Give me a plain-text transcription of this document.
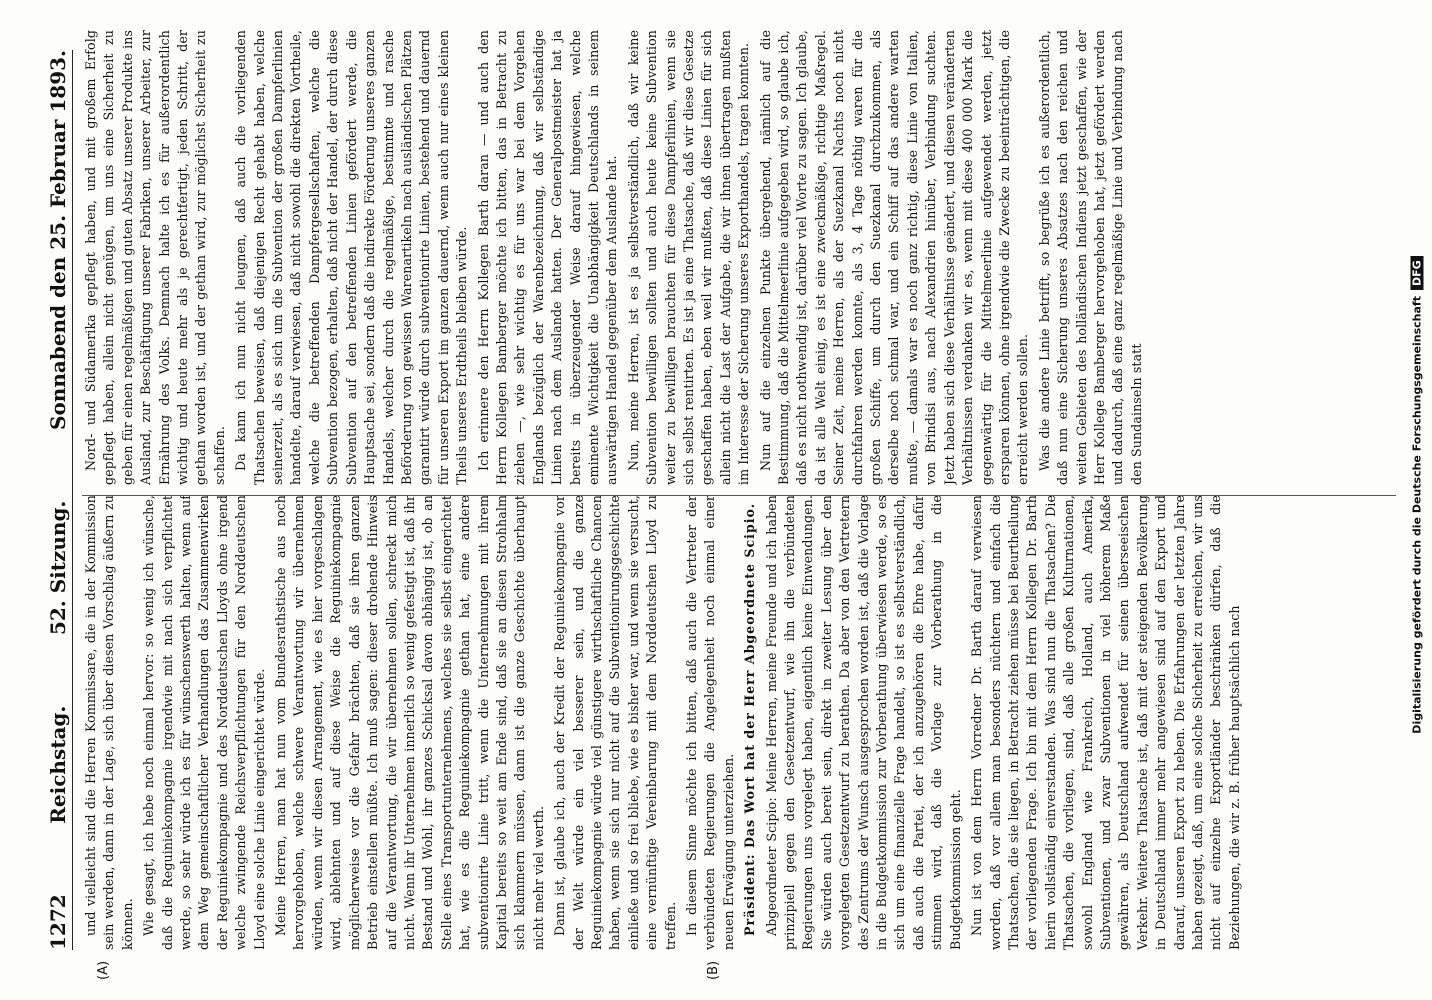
1272
Reichstag.
52. Sitzung.
Sonnabend den 25. Februar 1893.

und vielleicht sind die Herren Kommissare, die in der Kommission sein werden, dann in der Lage, sich über diesen Vorschlag äußern zu können. Wie gesagt, ich hebe noch einmal hervor: so wenig ich wünsche, daß die Reguiniekompagnie irgendwie mit nach sich verpflichtet werde, so sehr würde ich es für wünschenswerth halten, wenn auf dem Weg gemeinschaftlicher Verhandlungen das Zusammenwirken der Reguiniekompagnie und des Norddeutschen Lloyds ohne irgend welche zwingende Reichsverpflichtungen für den Norddeutschen Lloyd eine solche Linie eingerichtet würde. Meine Herren, man hat nun vom Bundesrathstische aus noch hervorgehoben, welche schwere Verantwortung wir übernehmen würden, wenn wir diesen Arrangement, wie es hier vorgeschlagen wird, ablehnten und auf diese Weise die Reguiniekompagnie möglicherweise vor die Gefahr brächten, daß sie ihren ganzen Betrieb einstellen müßte. Ich muß sagen: dieser drohende Hinweis auf die Verantwortung, die wir übernehmen sollen, schreckt mich nicht. Wenn ihr Unternehmen innerlich so wenig gefestigt ist, daß ihr Bestand und Wohl, ihr ganzes Schicksal davon abhängig ist, ob an Stelle eines Transportunternehmens, welches sie selbst eingerichtet hat, wie es die Reguiniekompagnie gethan hat, eine andere subventionirte Linie tritt, wenn die Unternehmungen mit ihrem Kapital bereits so weit am Ende sind, daß sie an diesen Strohhalm sich klammern müssen, dann ist die ganze Geschichte überhaupt nicht mehr viel werth. Dann ist, glaube ich, auch der Kredit der Reguiniekompagnie vor der Welt würde ein viel besserer sein, und die ganze Reguiniekompagnie würde viel günstigere wirthschaftliche Chancen haben, wenn sie sich nur nicht auf die Subventionirungsgeschichte einließe und so frei bliebe, wie es bisher war, und wenn sie versucht, eine vernünftige Vereinbarung mit dem Norddeutschen Lloyd zu treffen. In diesem Sinne möchte ich bitten, daß auch die Vertreter der verbündeten Regierungen die Angelegenheit noch einmal einer neuen Erwägung unterziehen. Präsident: Das Wort hat der Herr Abgeordnete Scipio. Abgeordneter Scipio: Meine Herren, meine Freunde und ich haben prinzipiell gegen den Gesetzentwurf, wie ihn die verbündeten Regierungen uns vorgelegt haben, eigentlich keine Einwendungen. Sie würden auch bereit sein, direkt in zweiter Lesung über den vorgelegten Gesetzentwurf zu berathen. Da aber von den Vertretern des Zentrums der Wunsch ausgesprochen worden ist, daß die Vorlage in die Budgetkommission zur Vorberathung überwiesen werde, so es sich um eine finanzielle Frage handelt, so ist es selbstverständlich, daß auch die Partei, der ich anzugehören die Ehre habe, dafür stimmen wird, daß die Vorlage zur Vorberathung in die Budgetkommission geht. Nun ist von dem Herrn Vorredner Dr. Barth darauf verwiesen worden, daß vor allem man besonders nüchtern und einfach die Thatsachen, die sie liegen, in Betracht ziehen müsse bei Beurtheilung der vorliegenden Frage. Ich bin mit dem Herrn Kollegen Dr. Barth hierin vollständig einverstanden. Was sind nun die Thatsachen? Die Thatsachen, die vorliegen, sind, daß alle großen Kulturnationen, sowohl England wie Frankreich, Holland, auch Amerika, Subventionen, und zwar Subventionen in viel höherem Maße gewähren, als Deutschland aufwendet für seinen überseeischen Verkehr. Weitere Thatsache ist, daß mit der steigenden Bevölkerung in Deutschland immer mehr angewiesen sind auf den Export und darauf, unseren Export zu heben. Die Erfahrungen der letzten Jahre haben gezeigt, daß, um eine solche Sicherheit zu erreichen, wir uns nicht auf einzelne Exportländer beschränken dürfen, daß die Beziehungen, die wir z. B. früher hauptsächlich nach

Nord- und Südamerika gepflegt haben, und mit großem Erfolg gepflegt haben, allein nicht genügen, um uns eine Sicherheit zu geben für einen regelmäßigen und guten Absatz unserer Produkte ins Ausland, zur Beschäftigung unserer Fabriken, unserer Arbeiter, zur Ernährung des Volks. Demnach halte ich es für außerordentlich wichtig und heute mehr als je gerechtfertigt, jeden Schritt, der gethan worden ist, und der gethan wird, zur möglichst Sicherheit zu schaffen. Da kann ich nun nicht leugnen, daß auch die vorliegenden Thatsachen beweisen, daß diejenigen Recht gehabt haben, welche seinerzeit, als es sich um die Subvention der großen Dampferlinien handelte, darauf verwiesen, daß nicht sowohl die direkten Vortheile, welche die betreffenden Dampfergesellschaften, welche die Subvention bezogen, erhalten, daß nicht der Handel, der durch diese Subvention auf den betreffenden Linien gefördert werde, die Hauptsache sei, sondern daß die indirekte Förderung unseres ganzen Handels, welcher durch die regelmäßige, bestimmte und rasche Beförderung von gewissen Warenartikeln nach ausländischen Plätzen garantirt würde durch subventionirte Linien, bestehend und dauernd für unseren Export im ganzen dauernd, wenn auch nur eines kleinen Theils unseres Erdtheils bleiben würde. Ich erinnere den Herrn Kollegen Barth daran — und auch den Herrn Kollegen Bamberger möchte ich bitten, das in Betracht zu ziehen —, wie sehr wichtig es für uns war bei dem Vorgehen Englands bezüglich der Warenbezeichnung, daß wir selbständige Linien nach dem Auslande hatten. Der Generalpostmeister hat ja bereits in überzeugender Weise darauf hingewiesen, welche eminente Wichtigkeit die Unabhängigkeit Deutschlands in seinem auswärtigen Handel gegenüber dem Auslande hat. Nun, meine Herren, ist es ja selbstverständlich, daß wir keine Subvention bewilligen sollten und auch heute keine Subvention weiter zu bewilligen brauchten für diese Dampferlinien, wenn sie sich selbst rentirten. Es ist ja eine Thatsache, daß wir diese Gesetze geschaffen haben, eben weil wir mußten, daß diese Linien für sich allein nicht die Last der Aufgabe, die wir ihnen übertragen mußten im Interesse der Sicherung unseres Exporthandels, tragen konnten. Nun auf die einzelnen Punkte übergehend, nämlich auf die Bestimmung, daß die Mittelmeerlinie aufgegeben wird, so glaube ich, daß es nicht nothwendig ist, darüber viel Worte zu sagen. Ich glaube, da ist alle Welt einig, es ist eine zweckmäßige, richtige Maßregel. Seiner Zeit, meine Herren, als der Suezkanal Nachts noch nicht durchfahren werden konnte, als 3, 4 Tage nöthig waren für die großen Schiffe, um durch den Suezkanal durchzukommen, als derselbe noch schmal war, und ein Schiff auf das andere warten mußte, — damals war es noch ganz richtig, diese Linie von Italien, von Brindisi aus, nach Alexandrien hinüber, Verbindung suchten. Jetzt haben sich diese Verhältnisse geändert, und diesen veränderten Verhältnissen verdanken wir es, wenn mit diese 400 000 Mark die gegenwärtig für die Mittelmeerlinie aufgewendet werden, jetzt ersparen können, ohne irgendwie die Zwecke zu beeinträchtigen, die erreicht werden sollen. Was die andere Linie betrifft, so begrüße ich es außerordentlich, daß nun eine Sicherung unseres Absatzes nach den reichen und weiten Gebieten des holländischen Indiens jetzt geschaffen, wie der Herr Kollege Bamberger hervorgehoben hat, jetzt gefördert werden und dadurch, daß eine ganz regelmäßige Linie und Verbindung nach den Sundainseln statt

(A)	(B)
Digitalisierung gefördert durch die Deutsche ForschungsgemeinschaftDFG
